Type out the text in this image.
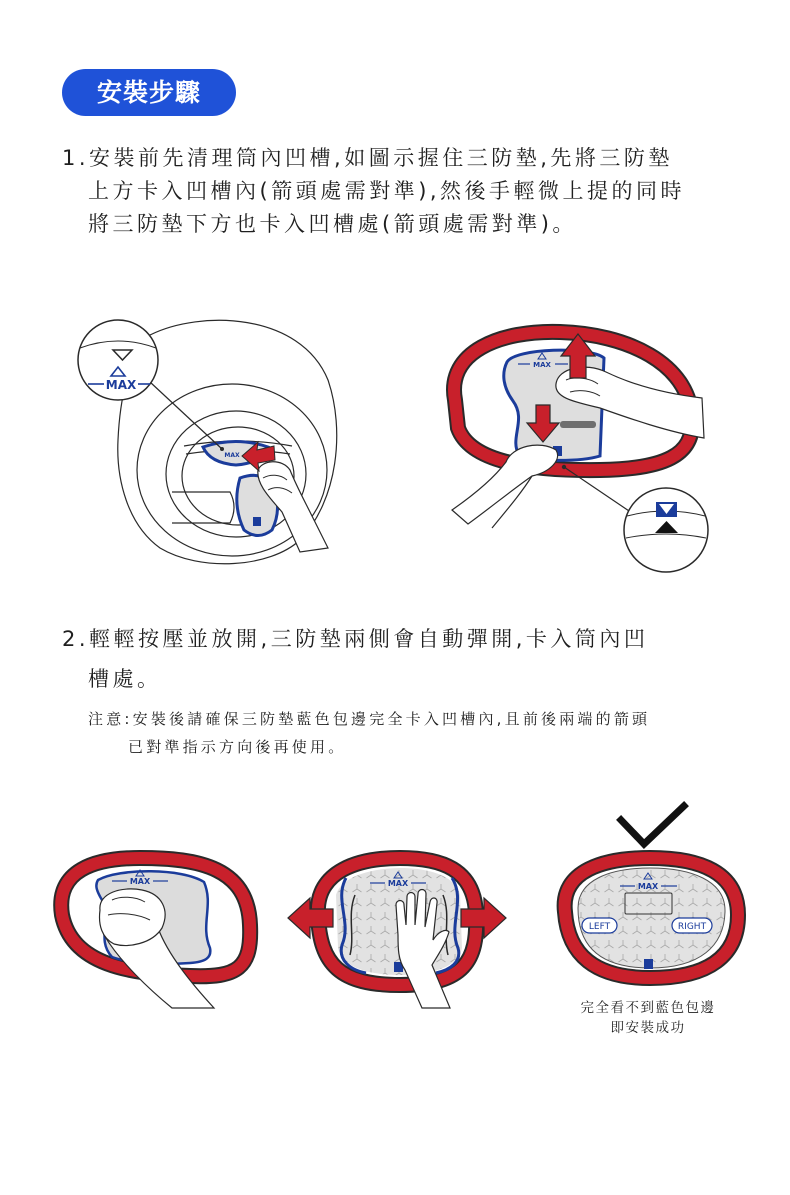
安裝步驟
1.安裝前先清理筒內凹槽,如圖示握住三防墊,先將三防墊
上方卡入凹槽內(箭頭處需對準),然後手輕微上提的同時
將三防墊下方也卡入凹槽處(箭頭處需對準)。
MAX
MAX
MAX
2.輕輕按壓並放開,三防墊兩側會自動彈開,卡入筒內凹
槽處。
注意:安裝後請確保三防墊藍色包邊完全卡入凹槽內,且前後兩端的箭頭
已對準指示方向後再使用。
MAX	MAX	MAX
LEFT	RIGHT
完全看不到藍色包邊
即安裝成功
